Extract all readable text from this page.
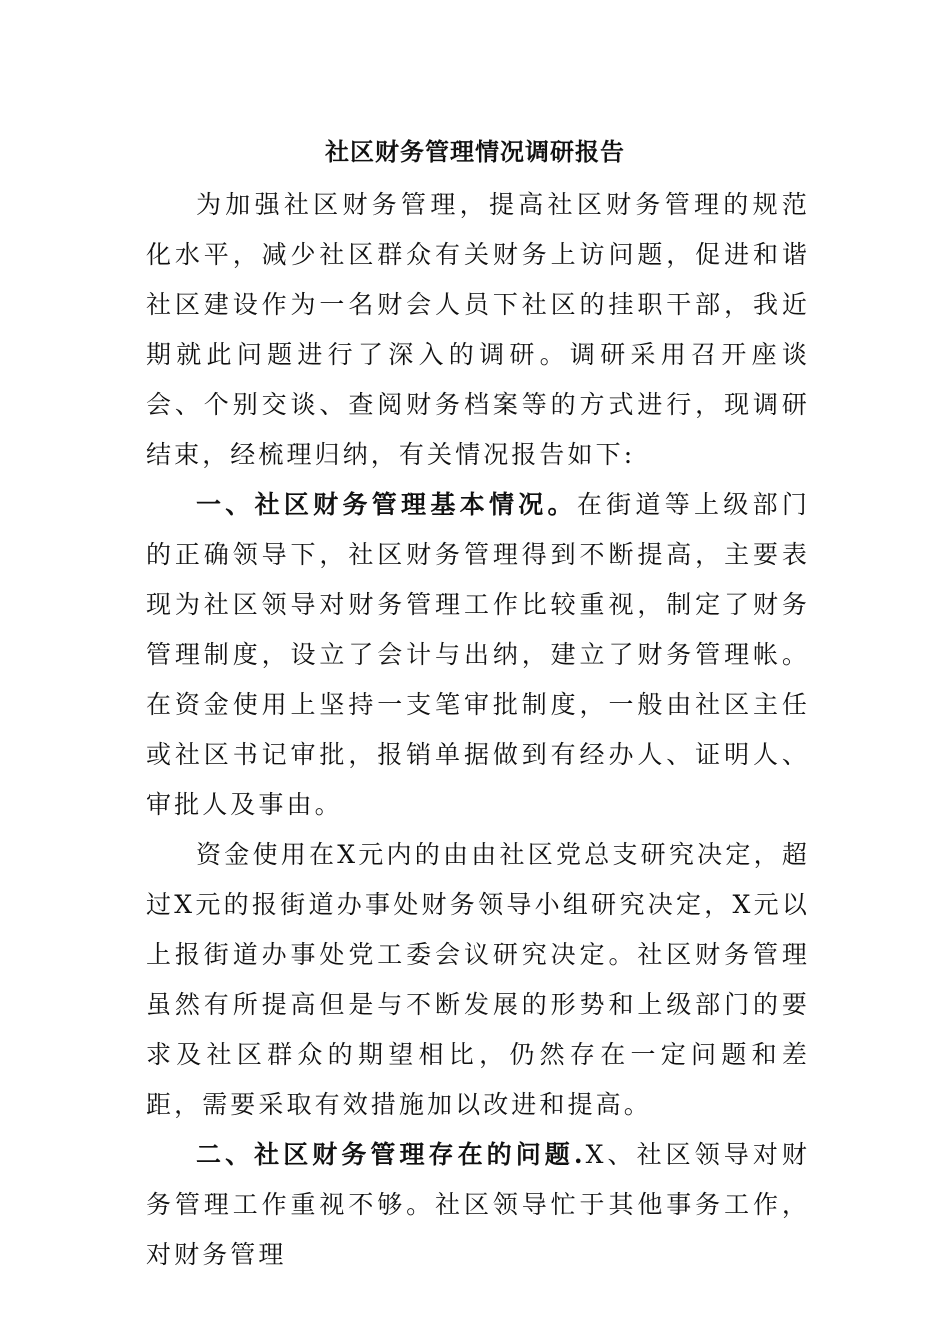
社区财务管理情况调研报告

为加强社区财务管理，提高社区财务管理的规范化水平，减少社区群众有关财务上访问题，促进和谐社区建设作为一名财会人员下社区的挂职干部，我近期就此问题进行了深入的调研。调研采用召开座谈会、个别交谈、查阅财务档案等的方式进行，现调研结束，经梳理归纳，有关情况报告如下:

一、社区财务管理基本情况。在街道等上级部门的正确领导下，社区财务管理得到不断提高，主要表现为社区领导对财务管理工作比较重视，制定了财务管理制度，设立了会计与出纳，建立了财务管理帐。在资金使用上坚持一支笔审批制度，一般由社区主任或社区书记审批，报销单据做到有经办人、证明人、审批人及事由。

资金使用在X元内的由由社区党总支研究决定，超过X元的报街道办事处财务领导小组研究决定，X元以上报街道办事处党工委会议研究决定。社区财务管理虽然有所提高但是与不断发展的形势和上级部门的要求及社区群众的期望相比，仍然存在一定问题和差距，需要采取有效措施加以改进和提高。

二、社区财务管理存在的问题.X、社区领导对财务管理工作重视不够。社区领导忙于其他事务工作，对财务管理
